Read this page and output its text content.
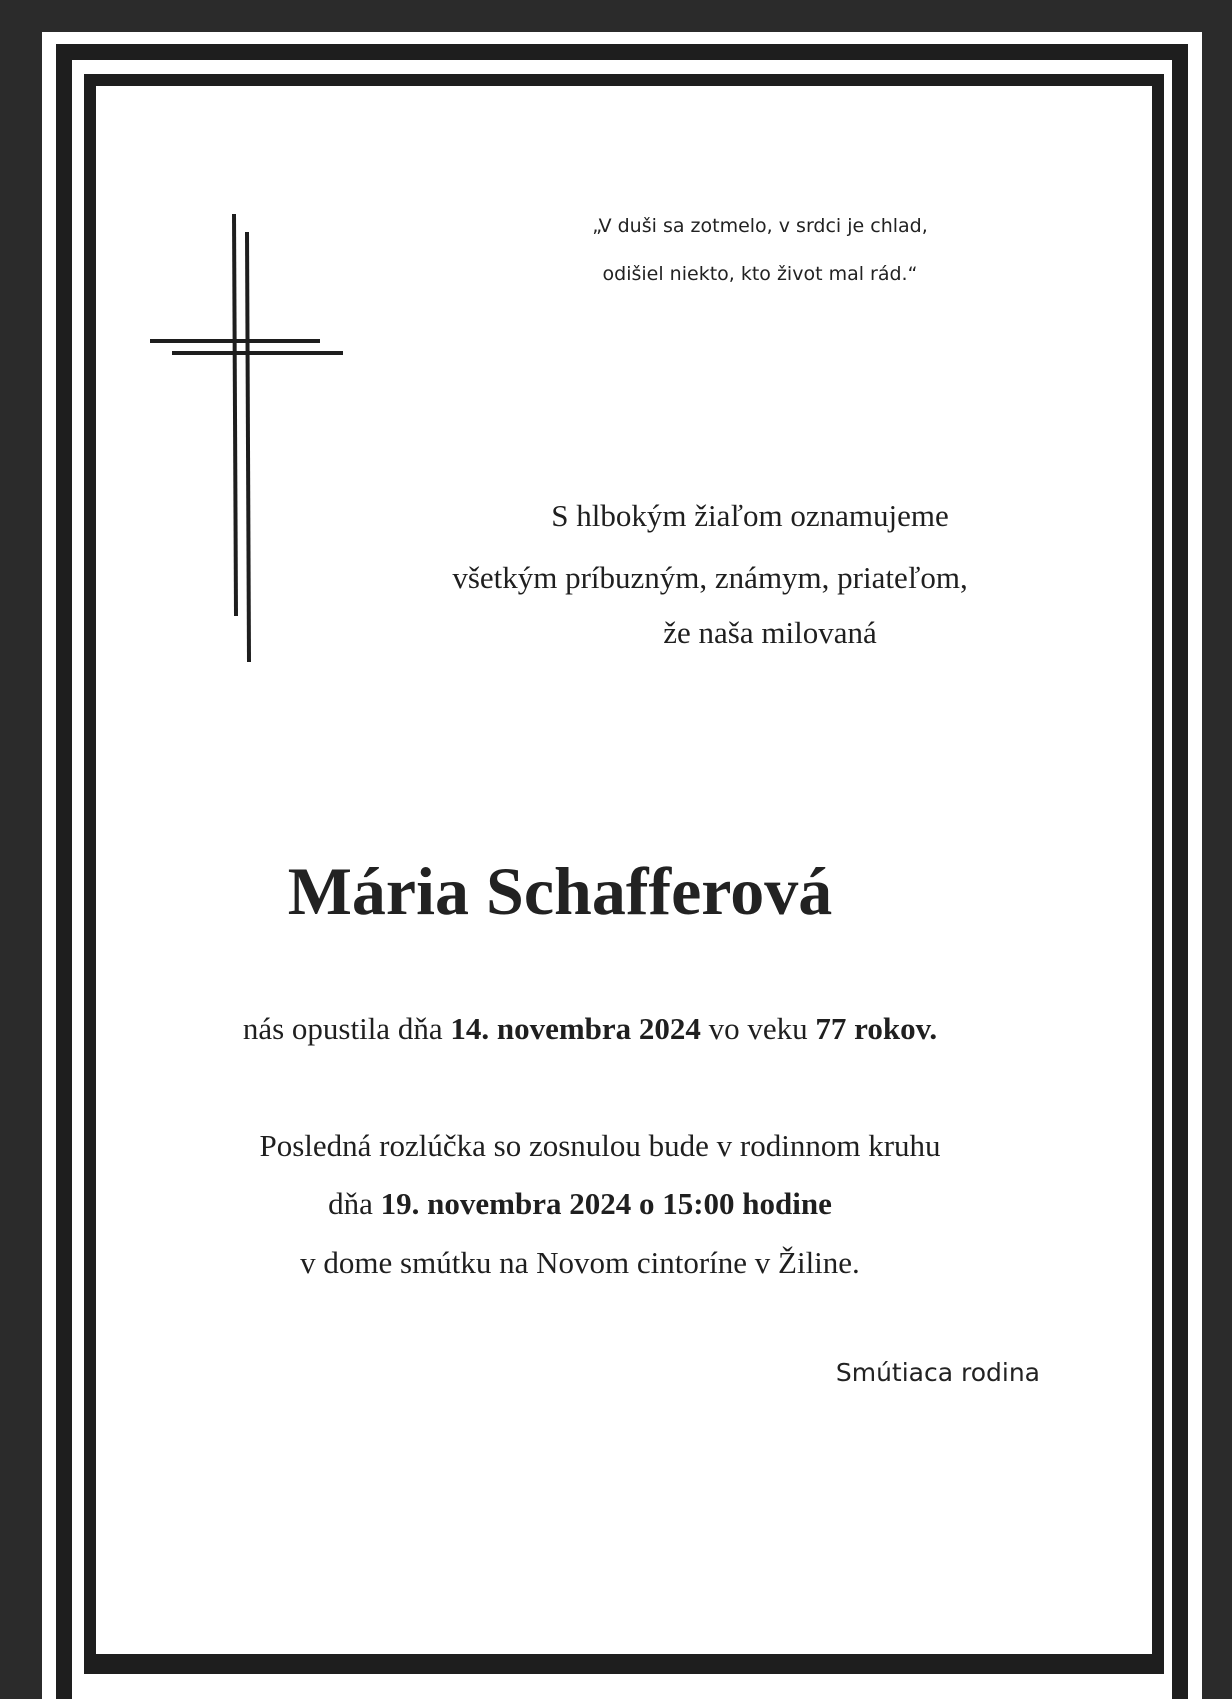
„V duši sa zotmelo, v srdci je chlad,
odišiel niekto, kto život mal rád.“
S hlbokým žiaľom oznamujeme
všetkým príbuzným, známym, priateľom,
že naša milovaná
Mária Schafferová
nás opustila dňa 14. novembra 2024 vo veku 77 rokov.
Posledná rozlúčka so zosnulou bude v rodinnom kruhu
dňa 19. novembra 2024 o 15:00 hodine
v dome smútku na Novom cintoríne v Žiline.
Smútiaca rodina
